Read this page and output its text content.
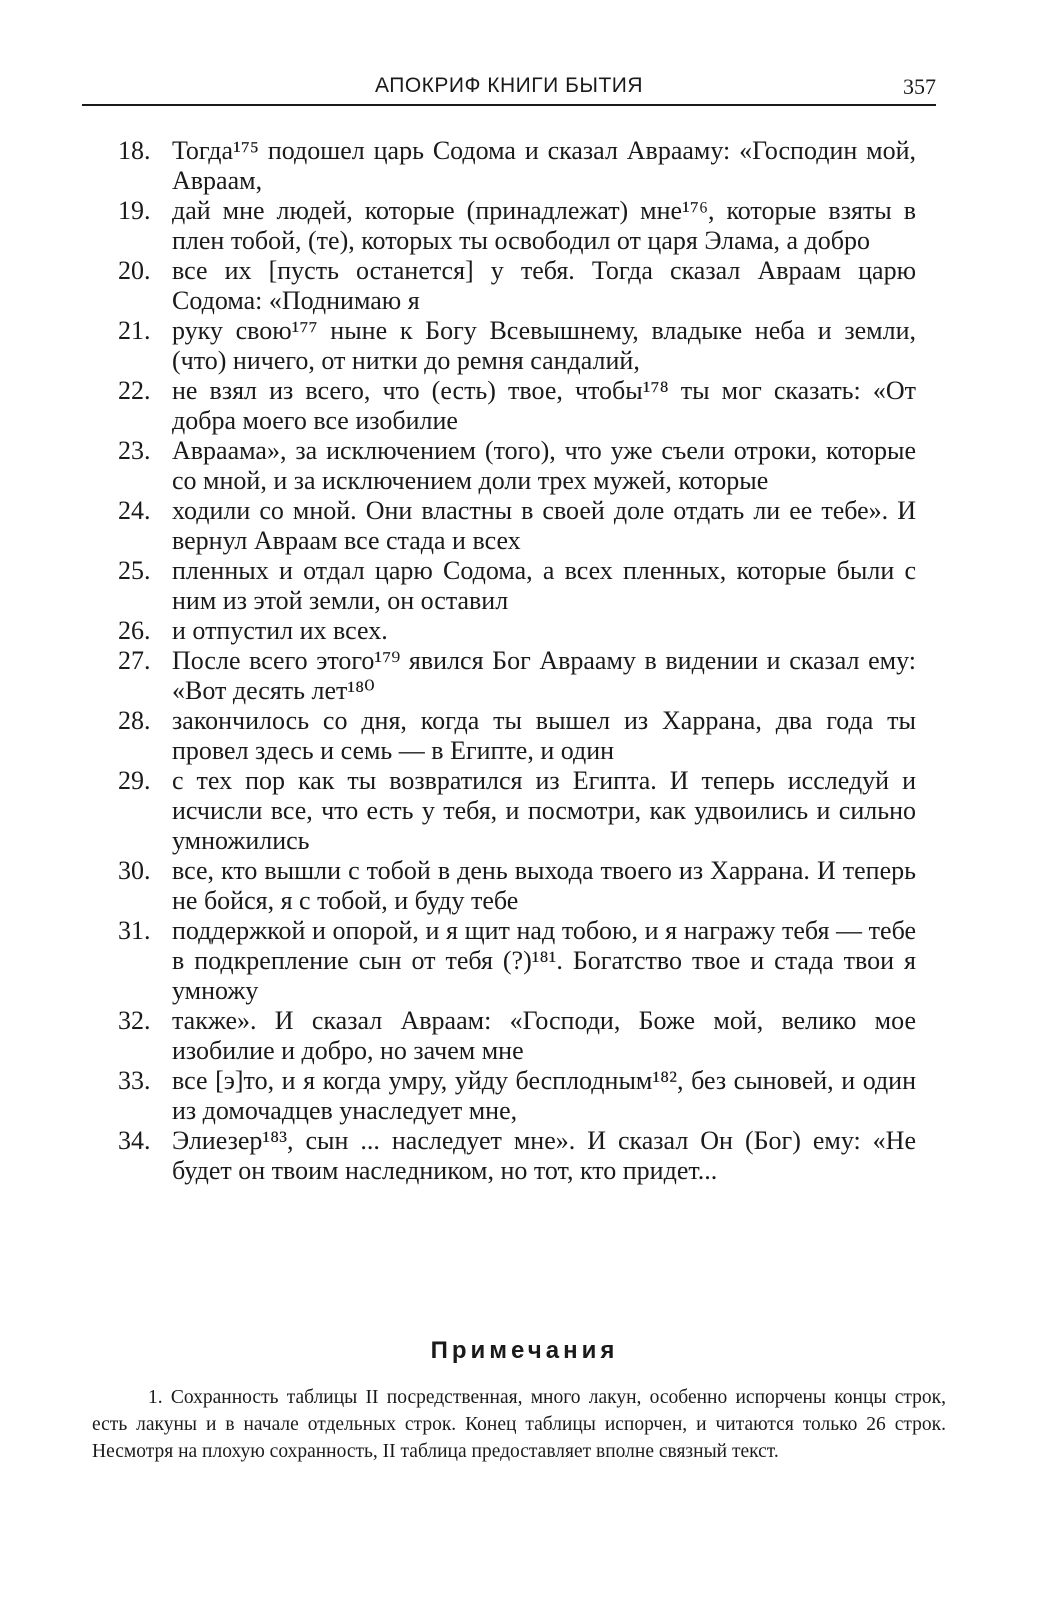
АПОКРИФ КНИГИ БЫТИЯ	357

18. Тогда¹⁷⁵ подошел царь Содома и сказал Аврааму: «Господин мой, Авраам,

19. дай мне людей, которые (принадлежат) мне¹⁷⁶, которые взяты в плен тобой, (те), которых ты освободил от царя Элама, а добро

20. все их [пусть останется] у тебя. Тогда сказал Авраам царю Содома: «Поднимаю я

21. руку свою¹⁷⁷ ныне к Богу Всевышнему, владыке неба и земли, (что) ничего, от нитки до ремня сандалий,

22. не взял из всего, что (есть) твое, чтобы¹⁷⁸ ты мог сказать: «От добра моего все изобилие

23. Авраама», за исключением (того), что уже съели отроки, которые со мной, и за исключением доли трех мужей, которые

24. ходили со мной. Они властны в своей доле отдать ли ее тебе». И вернул Авраам все стада и всех

25. пленных и отдал царю Содома, а всех пленных, которые были с ним из этой земли, он оставил

26. и отпустил их всех.

27. После всего этого¹⁷⁹ явился Бог Аврааму в видении и сказал ему: «Вот десять лет¹⁸⁰

28. закончилось со дня, когда ты вышел из Харрана, два года ты провел здесь и семь — в Египте, и один

29. с тех пор как ты возвратился из Египта. И теперь исследуй и исчисли все, что есть у тебя, и посмотри, как удвоились и сильно умножились

30. все, кто вышли с тобой в день выхода твоего из Харрана. И теперь не бойся, я с тобой, и буду тебе

31. поддержкой и опорой, и я щит над тобою, и я награжу тебя — тебе в подкрепление сын от тебя (?)¹⁸¹. Богатство твое и стада твои я умножу

32. также». И сказал Авраам: «Господи, Боже мой, велико мое изобилие и добро, но зачем мне

33. все [э]то, и я когда умру, уйду бесплодным¹⁸², без сыновей, и один из домочадцев унаследует мне,

34. Элиезер¹⁸³, сын ... наследует мне». И сказал Он (Бог) ему: «Не будет он твоим наследником, но тот, кто придет...

Примечания

1. Сохранность таблицы II посредственная, много лакун, особенно испорчены концы строк, есть лакуны и в начале отдельных строк. Конец таблицы испорчен, и читаются только 26 строк. Несмотря на плохую сохранность, II таблица предоставляет вполне связный текст.
